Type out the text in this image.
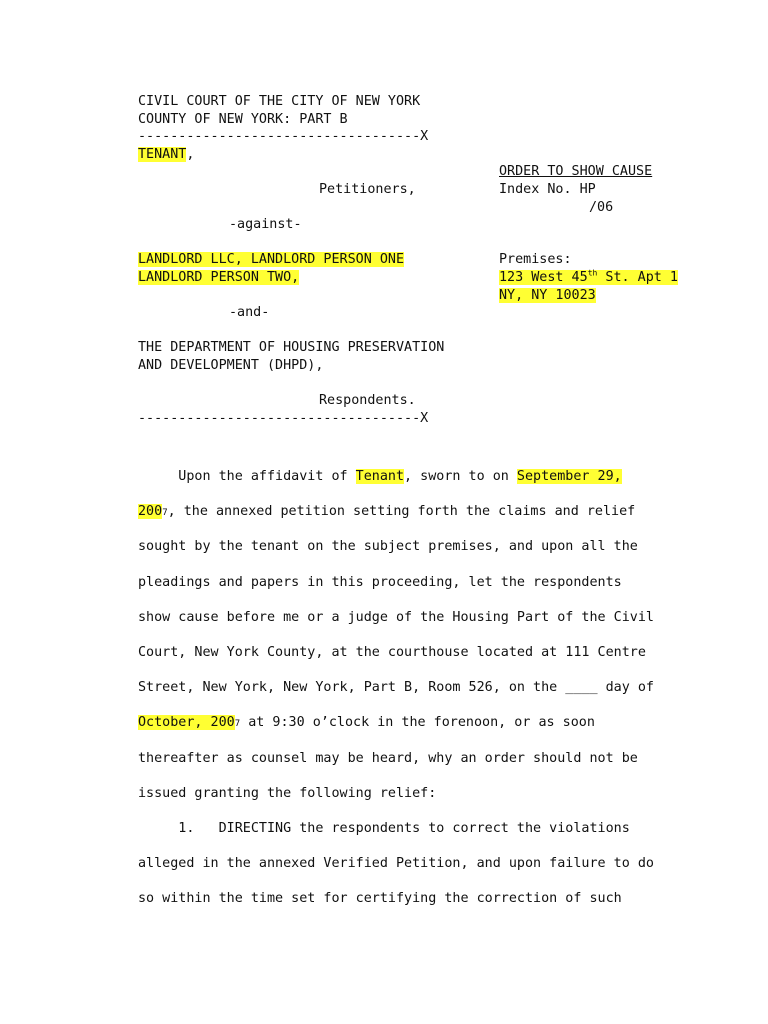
CIVIL COURT OF THE CITY OF NEW YORK
COUNTY OF NEW YORK: PART B
-----------------------------------X
TENANT,
Petitioners,
-against-
LANDLORD LLC, LANDLORD PERSON ONE
LANDLORD PERSON TWO,
-and-
THE DEPARTMENT OF HOUSING PRESERVATION
AND DEVELOPMENT (DHPD),
Respondents.
-----------------------------------X
ORDER TO SHOW CAUSE
Index No. HP
/06
Premises:
123 West 45th St. Apt 1
NY, NY 10023
Upon the affidavit of Tenant, sworn to on September 29,
2007, the annexed petition setting forth the claims and relief
sought by the tenant on the subject premises, and upon all the
pleadings and papers in this proceeding, let the respondents
show cause before me or a judge of the Housing Part of the Civil
Court, New York County, at the courthouse located at 111 Centre
Street, New York, New York, Part B, Room 526, on the ____ day of
October, 2007 at 9:30 o’clock in the forenoon, or as soon
thereafter as counsel may be heard, why an order should not be
issued granting the following relief:
1.   DIRECTING the respondents to correct the violations
alleged in the annexed Verified Petition, and upon failure to do
so within the time set for certifying the correction of such
